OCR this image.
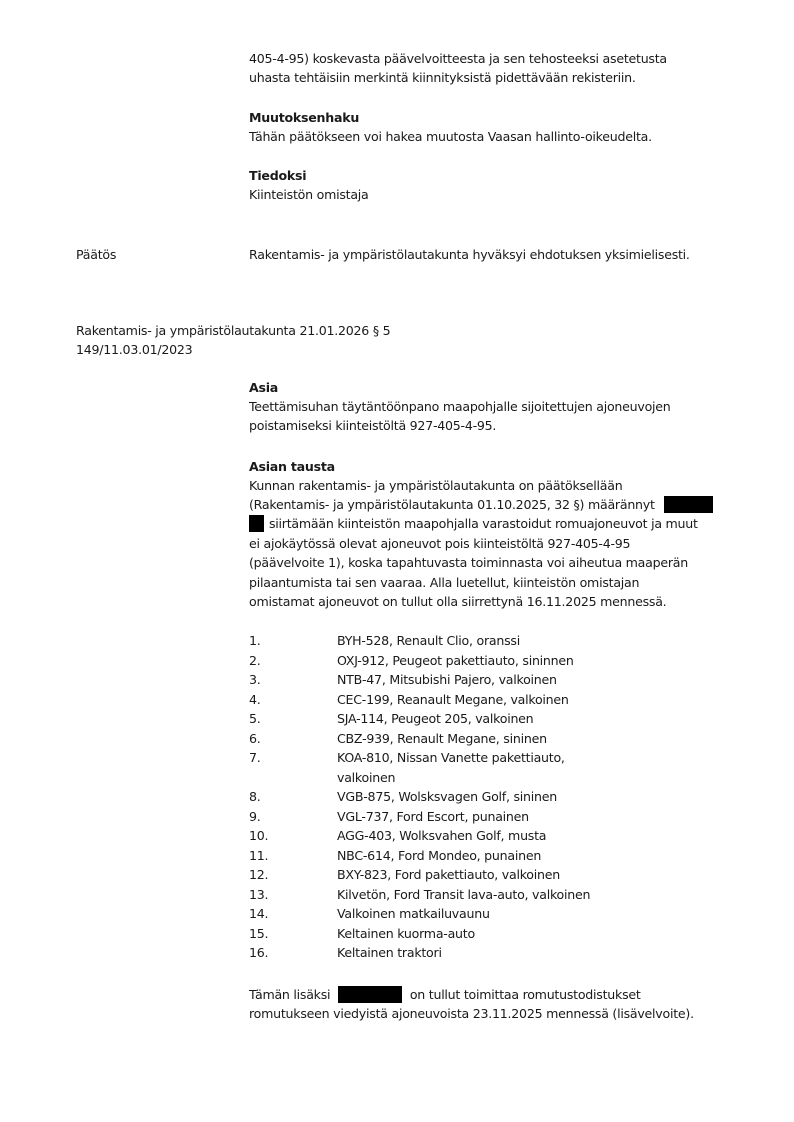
405-4-95) koskevasta päävelvoitteesta ja sen tehosteeksi asetetusta
uhasta tehtäisiin merkintä kiinnityksistä pidettävään rekisteriin.
Muutoksenhaku
Tähän päätökseen voi hakea muutosta Vaasan hallinto-oikeudelta.
Tiedoksi
Kiinteistön omistaja
Päätös	Rakentamis- ja ympäristölautakunta hyväksyi ehdotuksen yksimielisesti.
Rakentamis- ja ympäristölautakunta 21.01.2026 § 5
149/11.03.01/2023
Asia
Teettämisuhan täytäntöönpano maapohjalle sijoitettujen ajoneuvojen
poistamiseksi kiinteistöltä 927-405-4-95.
Asian tausta
Kunnan rakentamis- ja ympäristölautakunta on päätöksellään
(Rakentamis- ja ympäristölautakunta 01.10.2025, 32 §) määrännyt
siirtämään kiinteistön maapohjalla varastoidut romuajoneuvot ja muut
ei ajokäytössä olevat ajoneuvot pois kiinteistöltä 927-405-4-95
(päävelvoite 1), koska tapahtuvasta toiminnasta voi aiheutua maaperän
pilaantumista tai sen vaaraa. Alla luetellut, kiinteistön omistajan
omistamat ajoneuvot on tullut olla siirrettynä 16.11.2025 mennessä.
1.	BYH-528, Renault Clio, oranssi
2.	OXJ-912, Peugeot pakettiauto, sininnen
3.	NTB-47, Mitsubishi Pajero, valkoinen
4.	CEC-199, Reanault Megane, valkoinen
5.	SJA-114, Peugeot 205, valkoinen
6.	CBZ-939, Renault Megane, sininen
7.	KOA-810, Nissan Vanette pakettiauto, valkoinen
8.	VGB-875, Wolsksvagen Golf, sininen
9.	VGL-737, Ford Escort, punainen
10.	AGG-403, Wolksvahen Golf, musta
11.	NBC-614, Ford Mondeo, punainen
12.	BXY-823, Ford pakettiauto, valkoinen
13.	Kilvetön, Ford Transit lava-auto, valkoinen
14.	Valkoinen matkailuvaunu
15.	Keltainen kuorma-auto
16.	Keltainen traktori
Tämän lisäksi	on tullut toimittaa romutustodistukset
romutukseen viedyistä ajoneuvoista 23.11.2025 mennessä (lisävelvoite).
